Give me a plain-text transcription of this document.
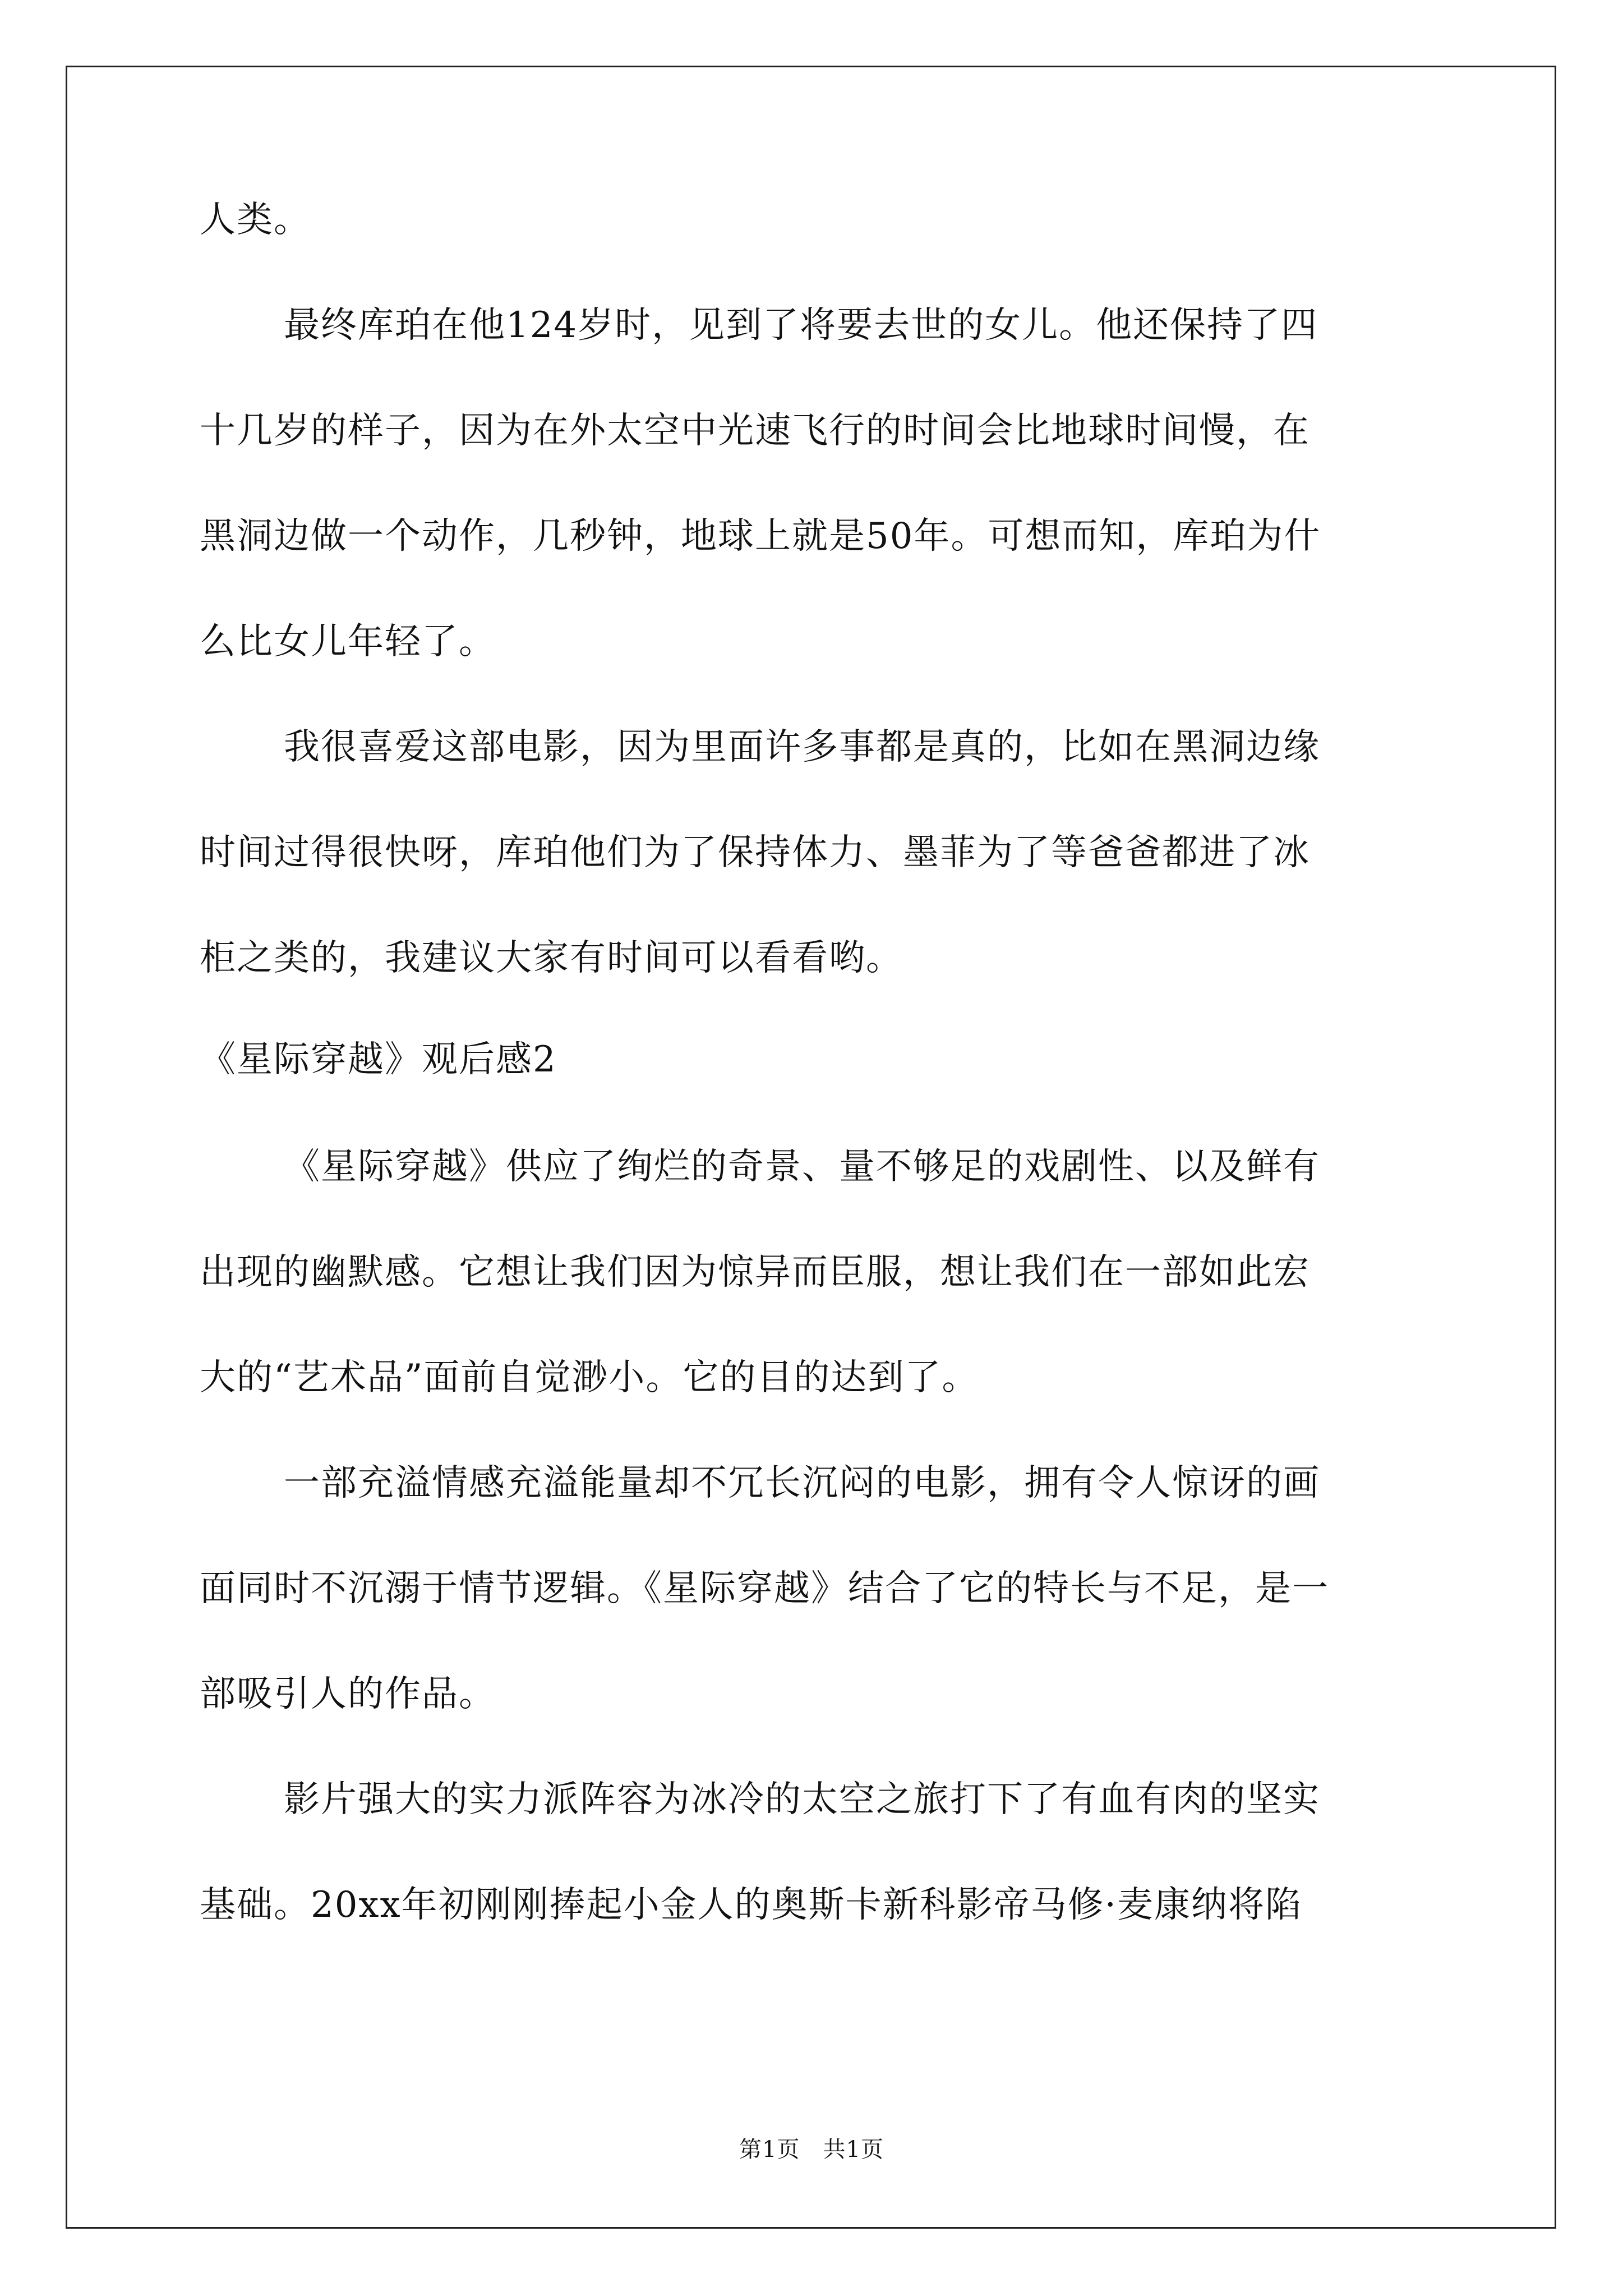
人类。
最终库珀在他124岁时，见到了将要去世的女儿。他还保持了四
十几岁的样子，因为在外太空中光速飞行的时间会比地球时间慢，在
黑洞边做一个动作，几秒钟，地球上就是50年。可想而知，库珀为什
么比女儿年轻了。
我很喜爱这部电影，因为里面许多事都是真的，比如在黑洞边缘
时间过得很快呀，库珀他们为了保持体力、墨菲为了等爸爸都进了冰
柜之类的，我建议大家有时间可以看看哟。
《星际穿越》观后感2
《星际穿越》供应了绚烂的奇景、量不够足的戏剧性、以及鲜有
出现的幽默感。它想让我们因为惊异而臣服，想让我们在一部如此宏
大的“艺术品”面前自觉渺小。它的目的达到了。
一部充溢情感充溢能量却不冗长沉闷的电影，拥有令人惊讶的画
面同时不沉溺于情节逻辑。《星际穿越》结合了它的特长与不足，是一
部吸引人的作品。
影片强大的实力派阵容为冰冷的太空之旅打下了有血有肉的坚实
基础。20xx年初刚刚捧起小金人的奥斯卡新科影帝马修·麦康纳将陷
第1页　共1页
